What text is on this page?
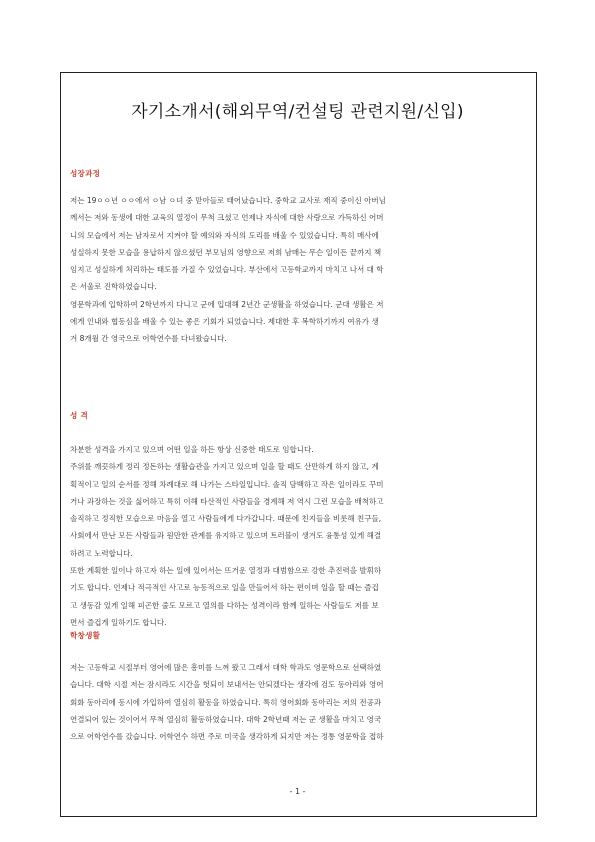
자기소개서(해외무역/컨설팅 관련지원/신입)
성장과정
저는 19ㅇㅇ년 ㅇㅇ에서 ㅇ남 ㅇ녀 중 맏아들로 태어났습니다. 중학교 교사로 재직 중이신 아버님
께서는 저와 동생에 대한 교육의 열정이 무척 크셨고 언제나 자식에 대한 사랑으로 가득하신 어머
니의 모습에서 저는 남자로서 지켜야 할 예의와 자식의 도리를 배울 수 있었습니다. 특히 매사에
성실하지 못한 모습을 용납하지 않으셨던 부모님의 영향으로 저희 남매는 무슨 일이든 끝까지 책
임지고 성실하게 처리하는 태도를 가질 수 있었습니다. 부산에서 고등학교까지 마치고 나서 대 학
은 서울로 진학하였습니다.
영문학과에 입학하여 2학년까지 다니고 군에 입대해 2년간 군생활을 하였습니다. 군대 생활은 저
에게 인내와 협동심을 배울 수 있는 좋은 기회가 되었습니다. 제대한 후 복학하기까지 여유가 생
겨 8개월 간 영국으로 어학연수를 다녀왔습니다.
성 격
차분한 성격을 가지고 있으며 어떤 일을 하든 항상 신중한 태도로 임합니다.
주위를 깨끗하게 정리 정돈하는 생활습관을 가지고 있으며 일을 할 때도 산만하게 하지 않고, 계
획적이고 일의 순서를 정해 차례대로 해 나가는 스타일입니다. 솔직 담백하고 작은 일이라도 꾸미
거나 과장하는 것을 싫어하고 특히 이해 타산적인 사람들을 경계해 저 역시 그런 모습을 배척하고
솔직하고 정직한 모습으로 마음을 열고 사람들에게 다가갑니다. 때문에 친지들을 비롯해 친구들,
사회에서 만난 모든 사람들과 원만한 관계를 유지하고 있으며 트러블이 생겨도 융통성 있게 해결
하려고 노력합니다.
또한 계획한 일이나 하고자 하는 일에 있어서는 뜨거운 열정과 대범함으로 강한 추진력을 발휘하
기도 합니다. 언제나 적극적인 사고로 능동적으로 일을 만들어서 하는 편이며 일을 할 때는 즐겁
고 생동감 있게 일해 피곤한 줄도 모르고 열의를 다하는 성격이라 함께 일하는 사람들도 저를 보
면서 즐겁게 일하기도 합니다.
학창생활
저는 고등학교 시절부터 영어에 많은 흥미를 느껴 왔고 그래서 대학 학과도 영문학으로 선택하였
습니다. 대학 시절 저는 잠시라도 시간을 헛되이 보내서는 안되겠다는 생각에 검도 동아리와 영어
회화 동아리에 동시에 가입하여 열심히 활동을 하였습니다. 특히 영어회화 동아리는 저의 전공과
연결되어 있는 것이어서 무척 열심히 활동하였습니다. 대학 2학년때 저는 군 생활을 마치고 영국
으로 어학연수를 갔습니다. 어학연수 하면 주로 미국을 생각하게 되지만 저는 정통 영문학을 접하
- 1 -
